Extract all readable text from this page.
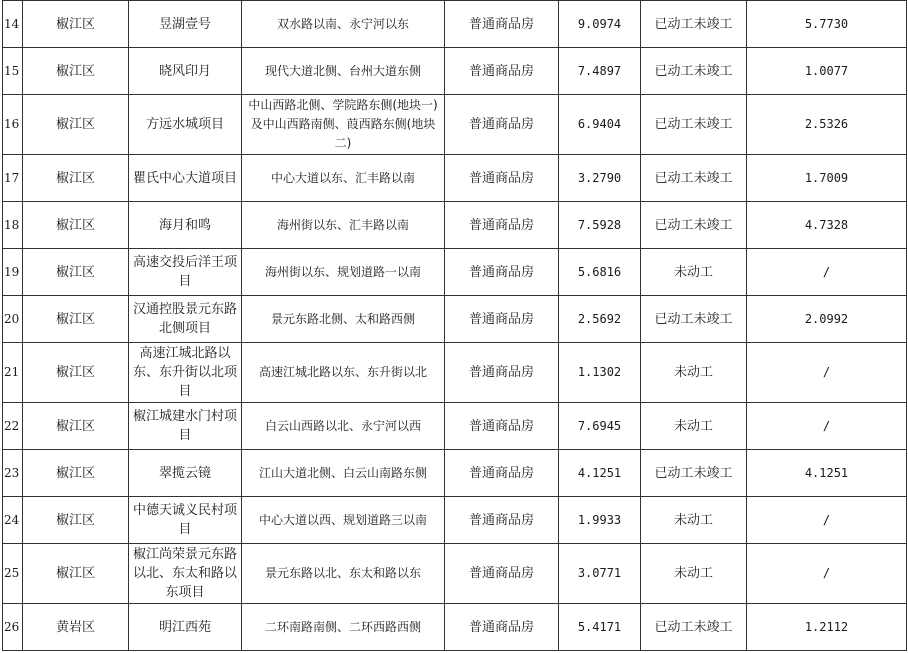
14	椒江区	昱湖壹号	双水路以南、永宁河以东	普通商品房	9.0974	已动工未竣工	5.7730
15	椒江区	晓风印月	现代大道北侧、台州大道东侧	普通商品房	7.4897	已动工未竣工	1.0077
16	椒江区	方远水城项目	中山西路北侧、学院路东侧(地块一)及中山西路南侧、葭西路东侧(地块二)	普通商品房	6.9404	已动工未竣工	2.5326
17	椒江区	瞿氏中心大道项目	中心大道以东、汇丰路以南	普通商品房	3.2790	已动工未竣工	1.7009
18	椒江区	海月和鸣	海州街以东、汇丰路以南	普通商品房	7.5928	已动工未竣工	4.7328
19	椒江区	高速交投后洋王项目	海州街以东、规划道路一以南	普通商品房	5.6816	未动工	/
20	椒江区	汉通控股景元东路北侧项目	景元东路北侧、太和路西侧	普通商品房	2.5692	已动工未竣工	2.0992
21	椒江区	高速江城北路以东、东升街以北项目	高速江城北路以东、东升街以北	普通商品房	1.1302	未动工	/
22	椒江区	椒江城建水门村项目	白云山西路以北、永宁河以西	普通商品房	7.6945	未动工	/
23	椒江区	翠揽云镜	江山大道北侧、白云山南路东侧	普通商品房	4.1251	已动工未竣工	4.1251
24	椒江区	中德天诚义民村项目	中心大道以西、规划道路三以南	普通商品房	1.9933	未动工	/
25	椒江区	椒江尚荣景元东路以北、东太和路以东项目	景元东路以北、东太和路以东	普通商品房	3.0771	未动工	/
26	黄岩区	明江西苑	二环南路南侧、二环西路西侧	普通商品房	5.4171	已动工未竣工	1.2112
